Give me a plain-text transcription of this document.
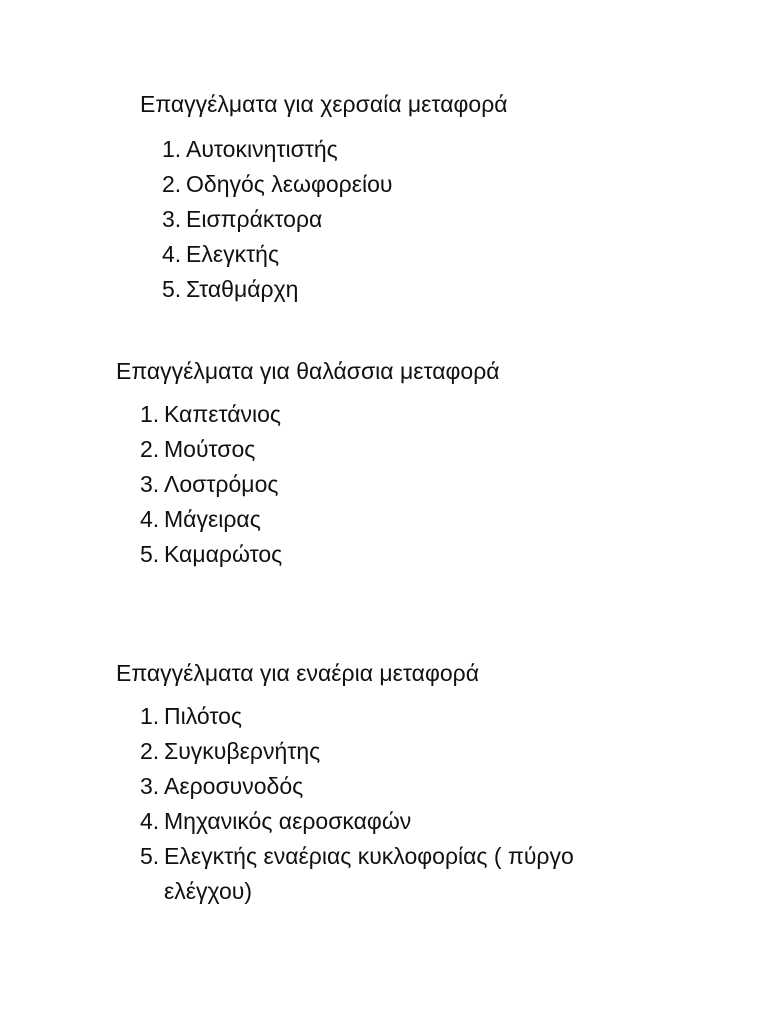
Επαγγέλματα για χερσαία μεταφορά
1. Αυτοκινητιστής
2. Οδηγός λεωφορείου
3. Εισπράκτορα
4. Ελεγκτής
5. Σταθμάρχη
Επαγγέλματα για θαλάσσια μεταφορά
1. Καπετάνιος
2. Μούτσος
3. Λοστρόμος
4. Μάγειρας
5. Καμαρώτος
Επαγγέλματα για εναέρια μεταφορά
1. Πιλότος
2. Συγκυβερνήτης
3. Αεροσυνοδός
4. Μηχανικός αεροσκαφών
5. Ελεγκτής εναέριας κυκλοφορίας ( πύργο ελέγχου)
